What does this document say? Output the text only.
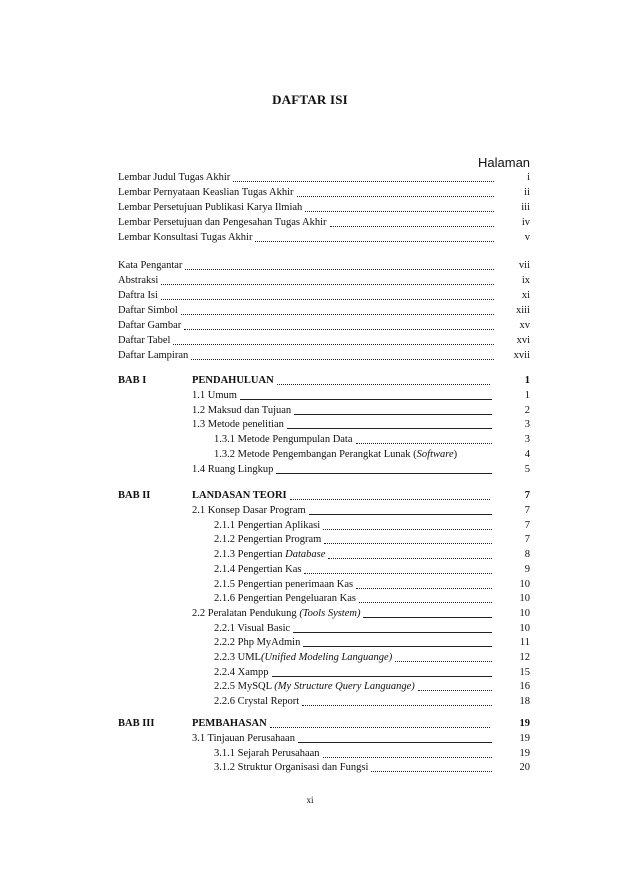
DAFTAR ISI
Halaman
Lembar Judul Tugas Akhir	i
Lembar Pernyataan Keaslian Tugas Akhir	ii
Lembar Persetujuan Publikasi Karya Ilmiah	iii
Lembar Persetujuan dan Pengesahan Tugas Akhir	iv
Lembar Konsultasi Tugas Akhir	v
Kata Pengantar	vii
Abstraksi	ix
Daftra Isi	xi
Daftar Simbol	xiii
Daftar Gambar	xv
Daftar Tabel	xvi
Daftar Lampiran	xvii
BAB I	PENDAHULUAN	1
1.1 Umum	1
1.2 Maksud dan Tujuan	2
1.3 Metode penelitian	3
1.3.1 Metode Pengumpulan Data	3
1.3.2 Metode Pengembangan Perangkat Lunak (Software)	4
1.4 Ruang Lingkup	5
BAB II	LANDASAN TEORI	7
2.1 Konsep Dasar Program	7
2.1.1 Pengertian Aplikasi	7
2.1.2 Pengertian Program	7
2.1.3 Pengertian Database	8
2.1.4 Pengertian Kas	9
2.1.5 Pengertian penerimaan Kas	10
2.1.6 Pengertian Pengeluaran Kas	10
2.2 Peralatan Pendukung (Tools System)	10
2.2.1 Visual Basic	10
2.2.2 Php MyAdmin	11
2.2.3 UML(Unified Modeling Languange)	12
2.2.4 Xampp	15
2.2.5 MySQL (My Structure Query Languange)	16
2.2.6 Crystal Report	18
BAB III	PEMBAHASAN	19
3.1 Tinjauan Perusahaan	19
3.1.1 Sejarah Perusahaan	19
3.1.2 Struktur Organisasi dan Fungsi	20
xi
